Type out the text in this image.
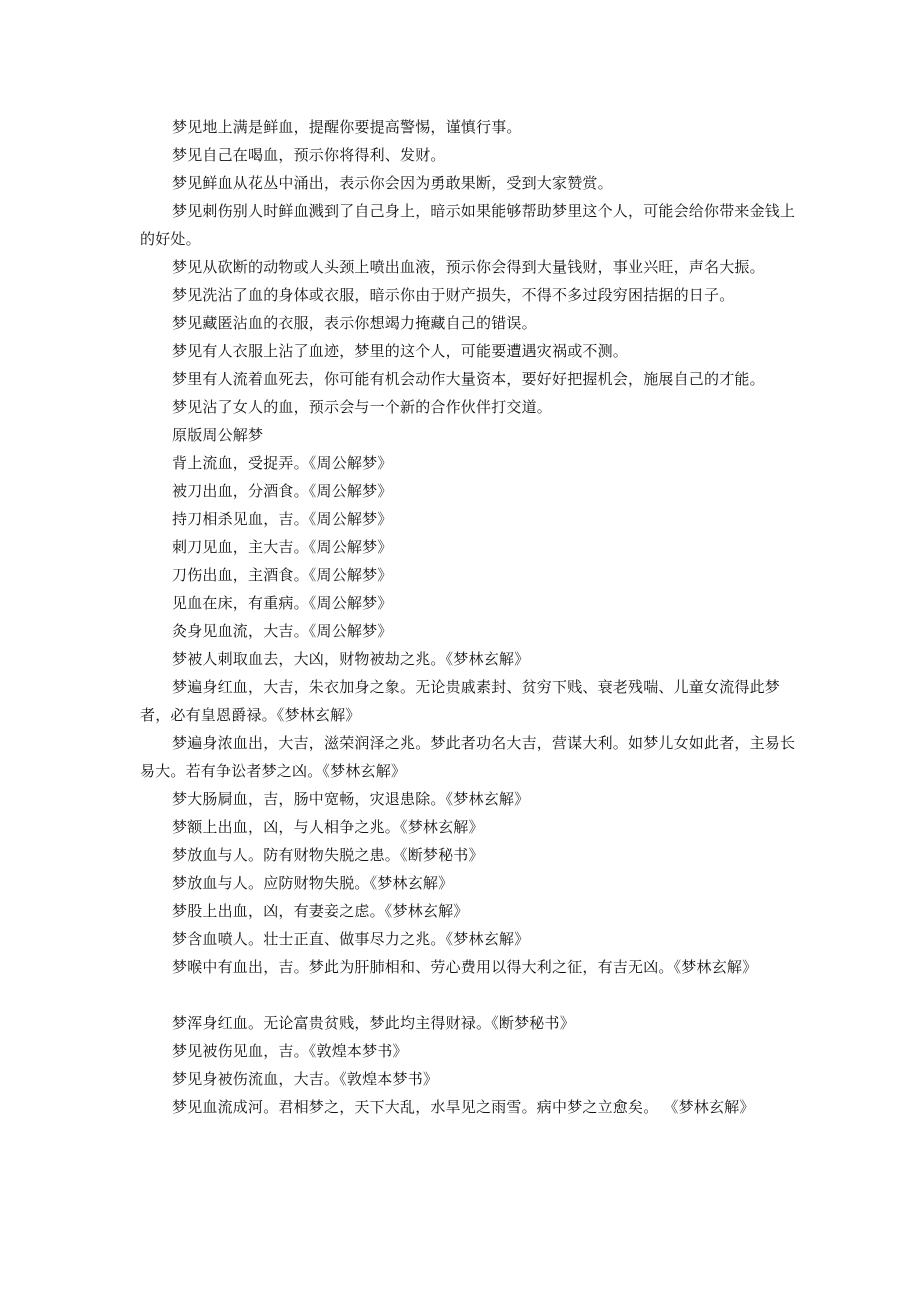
梦见地上满是鲜血，提醒你要提高警惕，谨慎行事。

梦见自己在喝血，预示你将得利、发财。

梦见鲜血从花丛中涌出，表示你会因为勇敢果断，受到大家赞赏。

梦见刺伤别人时鲜血溅到了自己身上，暗示如果能够帮助梦里这个人，可能会给你带来金钱上的好处。

梦见从砍断的动物或人头颈上喷出血液，预示你会得到大量钱财，事业兴旺，声名大振。

梦见洗沾了血的身体或衣服，暗示你由于财产损失，不得不多过段穷困拮据的日子。

梦见藏匿沾血的衣服，表示你想竭力掩藏自己的错误。

梦见有人衣服上沾了血迹，梦里的这个人，可能要遭遇灾祸或不测。

梦里有人流着血死去，你可能有机会动作大量资本，要好好把握机会，施展自己的才能。

梦见沾了女人的血，预示会与一个新的合作伙伴打交道。

原版周公解梦

背上流血，受捉弄。《周公解梦》

被刀出血，分酒食。《周公解梦》

持刀相杀见血，吉。《周公解梦》

刺刀见血，主大吉。《周公解梦》

刀伤出血，主酒食。《周公解梦》

见血在床，有重病。《周公解梦》

灸身见血流，大吉。《周公解梦》

梦被人刺取血去，大凶，财物被劫之兆。《梦林玄解》

梦遍身红血，大吉，朱衣加身之象。无论贵戚素封、贫穷下贱、衰老残喘、儿童女流得此梦者，必有皇恩爵禄。《梦林玄解》

梦遍身浓血出，大吉，滋荣润泽之兆。梦此者功名大吉，营谋大利。如梦儿女如此者，主易长易大。若有争讼者梦之凶。《梦林玄解》

梦大肠屙血，吉，肠中宽畅，灾退患除。《梦林玄解》

梦额上出血，凶，与人相争之兆。《梦林玄解》

梦放血与人。防有财物失脱之患。《断梦秘书》

梦放血与人。应防财物失脱。《梦林玄解》

梦股上出血，凶，有妻妾之虑。《梦林玄解》

梦含血喷人。壮士正直、做事尽力之兆。《梦林玄解》

梦喉中有血出，吉。梦此为肝肺相和、劳心费用以得大利之征，有吉无凶。《梦林玄解》

梦浑身红血。无论富贵贫贱，梦此均主得财禄。《断梦秘书》

梦见被伤见血，吉。《敦煌本梦书》

梦见身被伤流血，大吉。《敦煌本梦书》

梦见血流成河。君相梦之，天下大乱，水旱见之雨雪。病中梦之立愈矣。 《梦林玄解》
